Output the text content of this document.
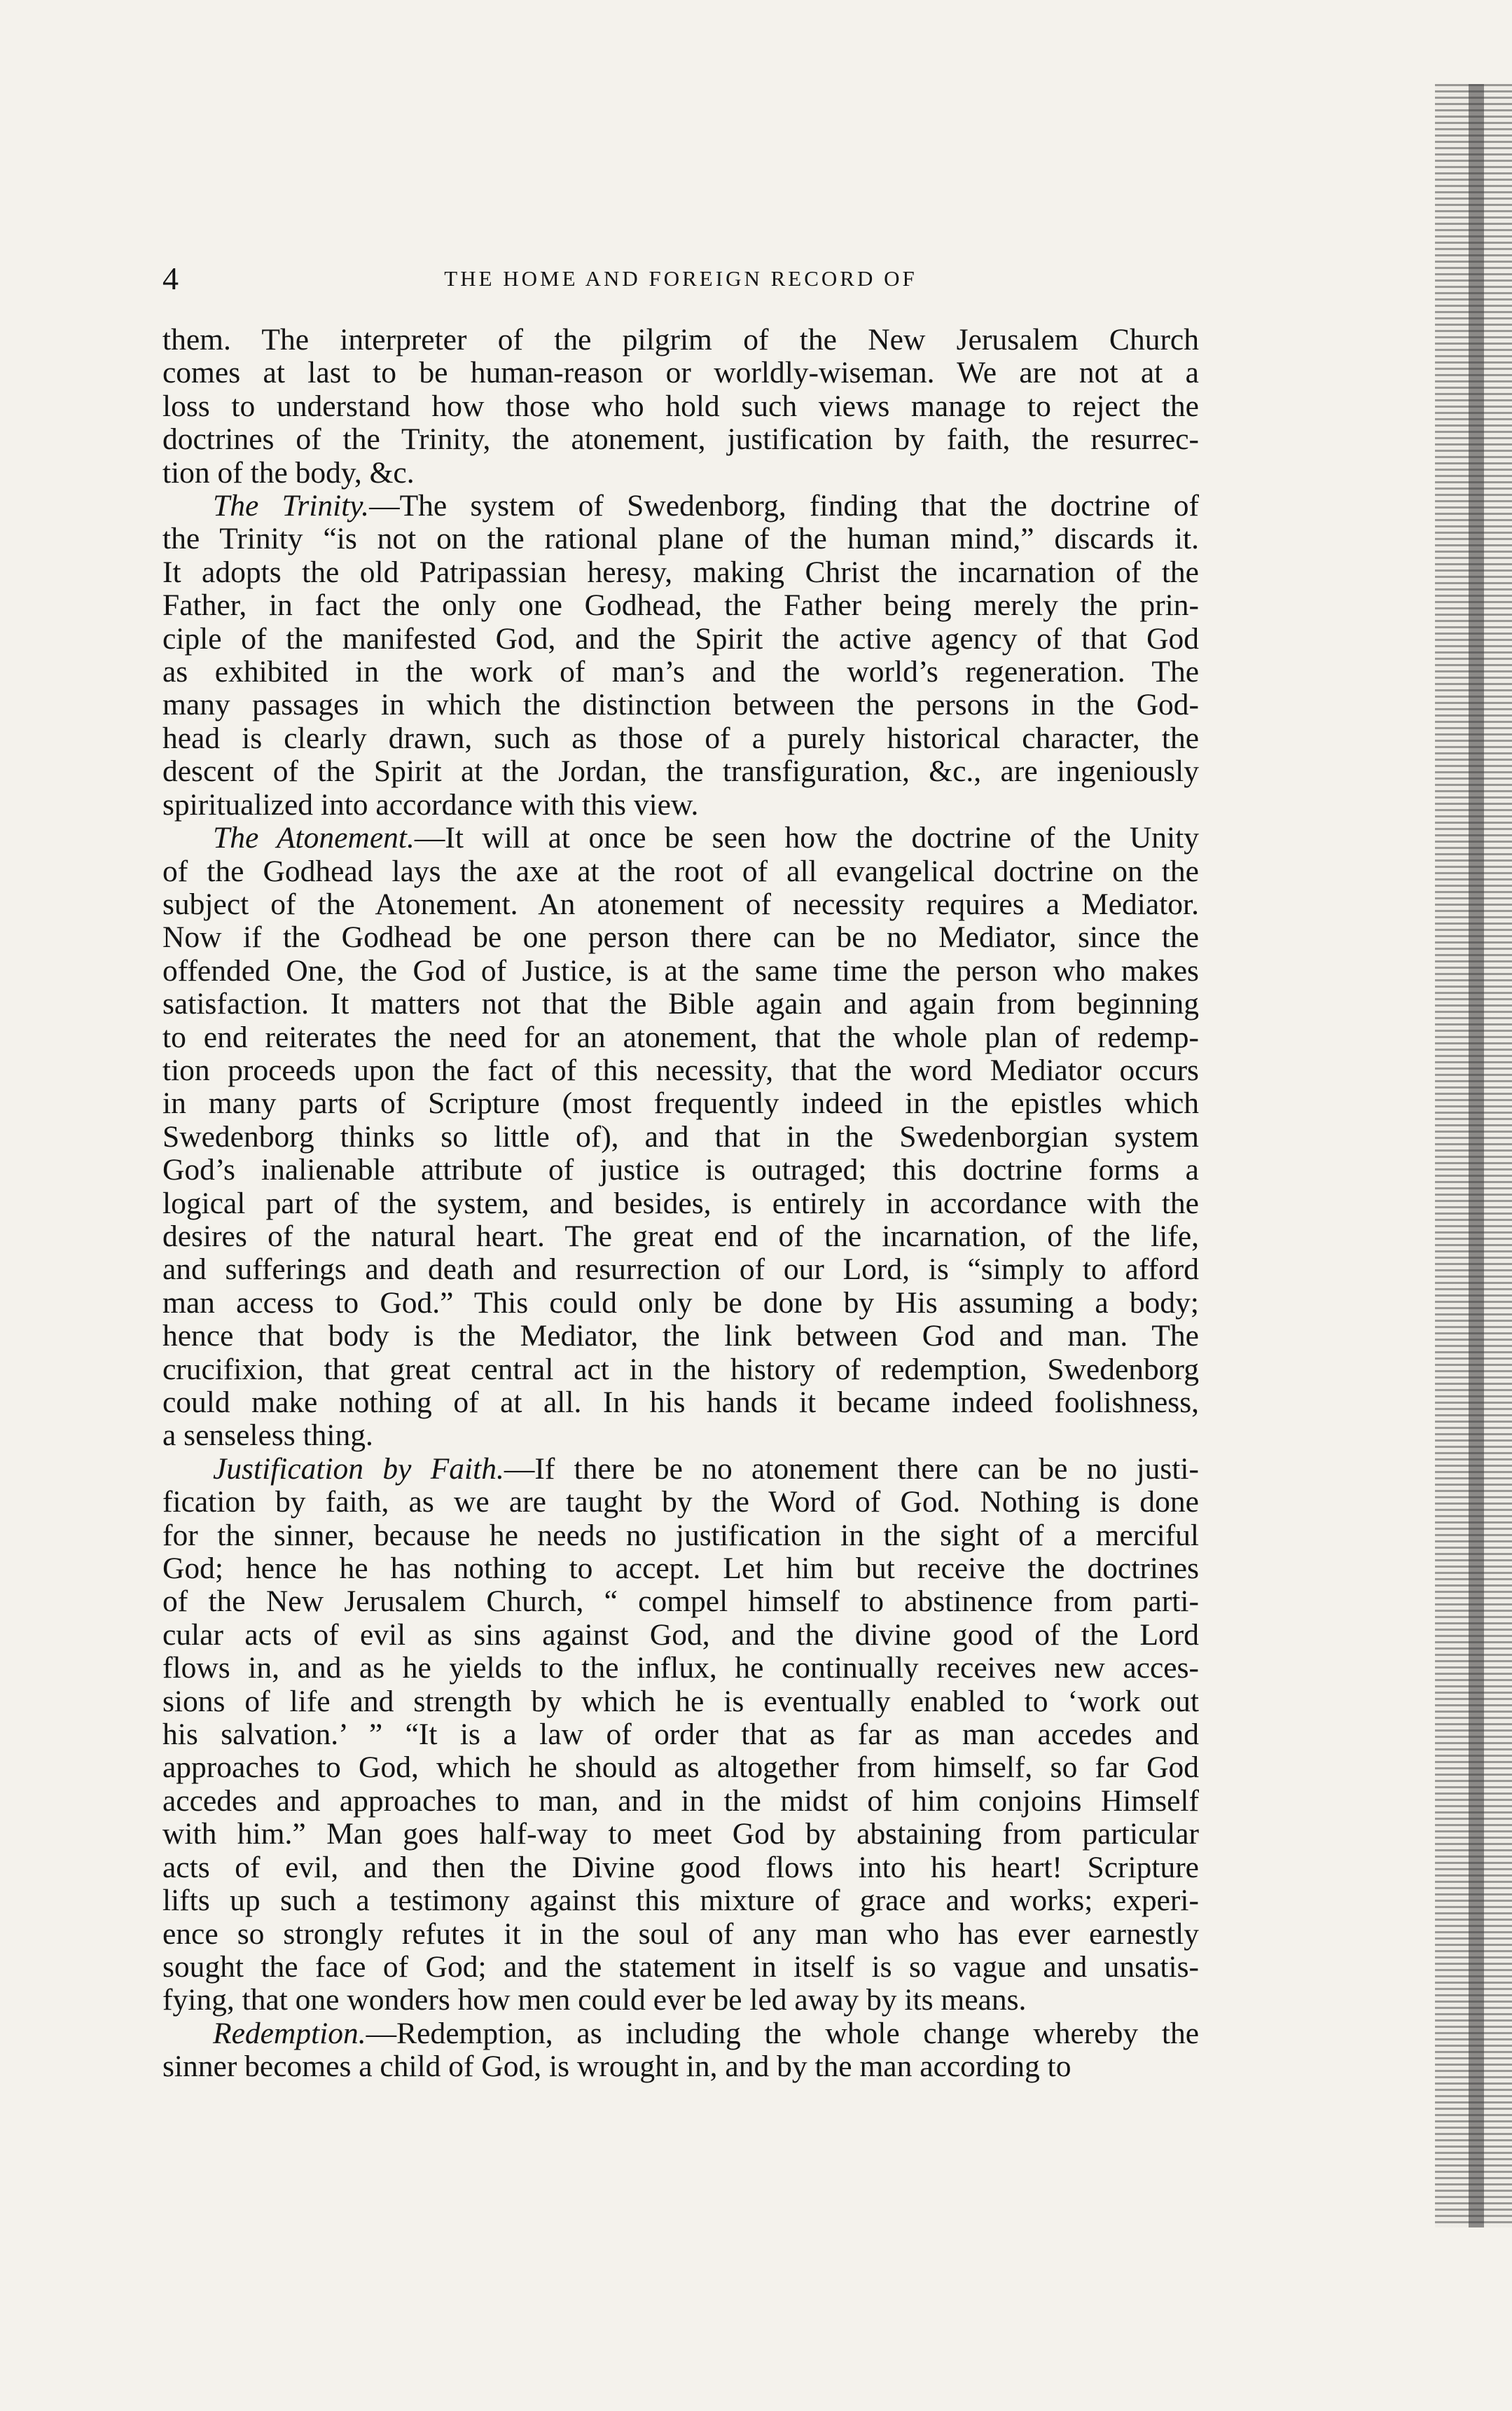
4	THE HOME AND FOREIGN RECORD OF
them. The interpreter of the pilgrim of the New Jerusalem Church
comes at last to be human-reason or worldly-wiseman. We are not at a
loss to understand how those who hold such views manage to reject the
doctrines of the Trinity, the atonement, justification by faith, the resurrec-
tion of the body, &c.
The Trinity.—The system of Swedenborg, finding that the doctrine of
the Trinity “is not on the rational plane of the human mind,” discards it.
It adopts the old Patripassian heresy, making Christ the incarnation of the
Father, in fact the only one Godhead, the Father being merely the prin-
ciple of the manifested God, and the Spirit the active agency of that God
as exhibited in the work of man’s and the world’s regeneration. The
many passages in which the distinction between the persons in the God-
head is clearly drawn, such as those of a purely historical character, the
descent of the Spirit at the Jordan, the transfiguration, &c., are ingeniously
spiritualized into accordance with this view.
The Atonement.—It will at once be seen how the doctrine of the Unity
of the Godhead lays the axe at the root of all evangelical doctrine on the
subject of the Atonement. An atonement of necessity requires a Mediator.
Now if the Godhead be one person there can be no Mediator, since the
offended One, the God of Justice, is at the same time the person who makes
satisfaction. It matters not that the Bible again and again from beginning
to end reiterates the need for an atonement, that the whole plan of redemp-
tion proceeds upon the fact of this necessity, that the word Mediator occurs
in many parts of Scripture (most frequently indeed in the epistles which
Swedenborg thinks so little of), and that in the Swedenborgian system
God’s inalienable attribute of justice is outraged; this doctrine forms a
logical part of the system, and besides, is entirely in accordance with the
desires of the natural heart. The great end of the incarnation, of the life,
and sufferings and death and resurrection of our Lord, is “simply to afford
man access to God.” This could only be done by His assuming a body;
hence that body is the Mediator, the link between God and man. The
crucifixion, that great central act in the history of redemption, Swedenborg
could make nothing of at all. In his hands it became indeed foolishness,
a senseless thing.
Justification by Faith.—If there be no atonement there can be no justi-
fication by faith, as we are taught by the Word of God. Nothing is done
for the sinner, because he needs no justification in the sight of a merciful
God; hence he has nothing to accept. Let him but receive the doctrines
of the New Jerusalem Church, “ compel himself to abstinence from parti-
cular acts of evil as sins against God, and the divine good of the Lord
flows in, and as he yields to the influx, he continually receives new acces-
sions of life and strength by which he is eventually enabled to ‘work out
his salvation.’ ” “It is a law of order that as far as man accedes and
approaches to God, which he should as altogether from himself, so far God
accedes and approaches to man, and in the midst of him conjoins Himself
with him.” Man goes half-way to meet God by abstaining from particular
acts of evil, and then the Divine good flows into his heart! Scripture
lifts up such a testimony against this mixture of grace and works; experi-
ence so strongly refutes it in the soul of any man who has ever earnestly
sought the face of God; and the statement in itself is so vague and unsatis-
fying, that one wonders how men could ever be led away by its means.
Redemption.—Redemption, as including the whole change whereby the
sinner becomes a child of God, is wrought in, and by the man according to
